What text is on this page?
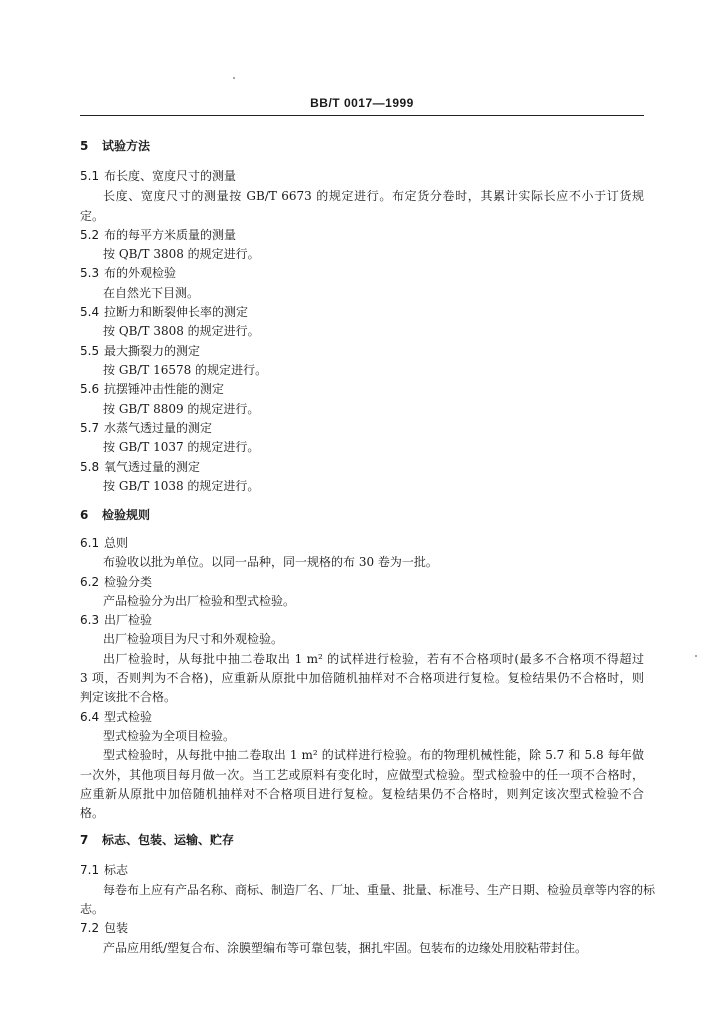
BB/T 0017—1999
5 试验方法
5.1 布长度、宽度尺寸的测量
长度、宽度尺寸的测量按 GB/T 6673 的规定进行。布定货分卷时，其累计实际长应不小于订货规
定。
5.2 布的每平方米质量的测量
按 QB/T 3808 的规定进行。
5.3 布的外观检验
在自然光下目测。
5.4 拉断力和断裂伸长率的测定
按 QB/T 3808 的规定进行。
5.5 最大撕裂力的测定
按 GB/T 16578 的规定进行。
5.6 抗摆锤冲击性能的测定
按 GB/T 8809 的规定进行。
5.7 水蒸气透过量的测定
按 GB/T 1037 的规定进行。
5.8 氧气透过量的测定
按 GB/T 1038 的规定进行。
6 检验规则
6.1 总则
布验收以批为单位。以同一品种，同一规格的布 30 卷为一批。
6.2 检验分类
产品检验分为出厂检验和型式检验。
6.3 出厂检验
出厂检验项目为尺寸和外观检验。
出厂检验时，从每批中抽二卷取出 1 m² 的试样进行检验，若有不合格项时(最多不合格项不得超过
3 项，否则判为不合格)，应重新从原批中加倍随机抽样对不合格项进行复检。复检结果仍不合格时，则
判定该批不合格。
6.4 型式检验
型式检验为全项目检验。
型式检验时，从每批中抽二卷取出 1 m² 的试样进行检验。布的物理机械性能，除 5.7 和 5.8 每年做
一次外，其他项目每月做一次。当工艺或原料有变化时，应做型式检验。型式检验中的任一项不合格时，
应重新从原批中加倍随机抽样对不合格项目进行复检。复检结果仍不合格时，则判定该次型式检验不合
格。
7 标志、包装、运输、贮存
7.1 标志
每卷布上应有产品名称、商标、制造厂名、厂址、重量、批量、标准号、生产日期、检验员章等内容的标
志。
7.2 包装
产品应用纸/塑复合布、涂膜塑编布等可靠包装，捆扎牢固。包装布的边缘处用胶粘带封住。
